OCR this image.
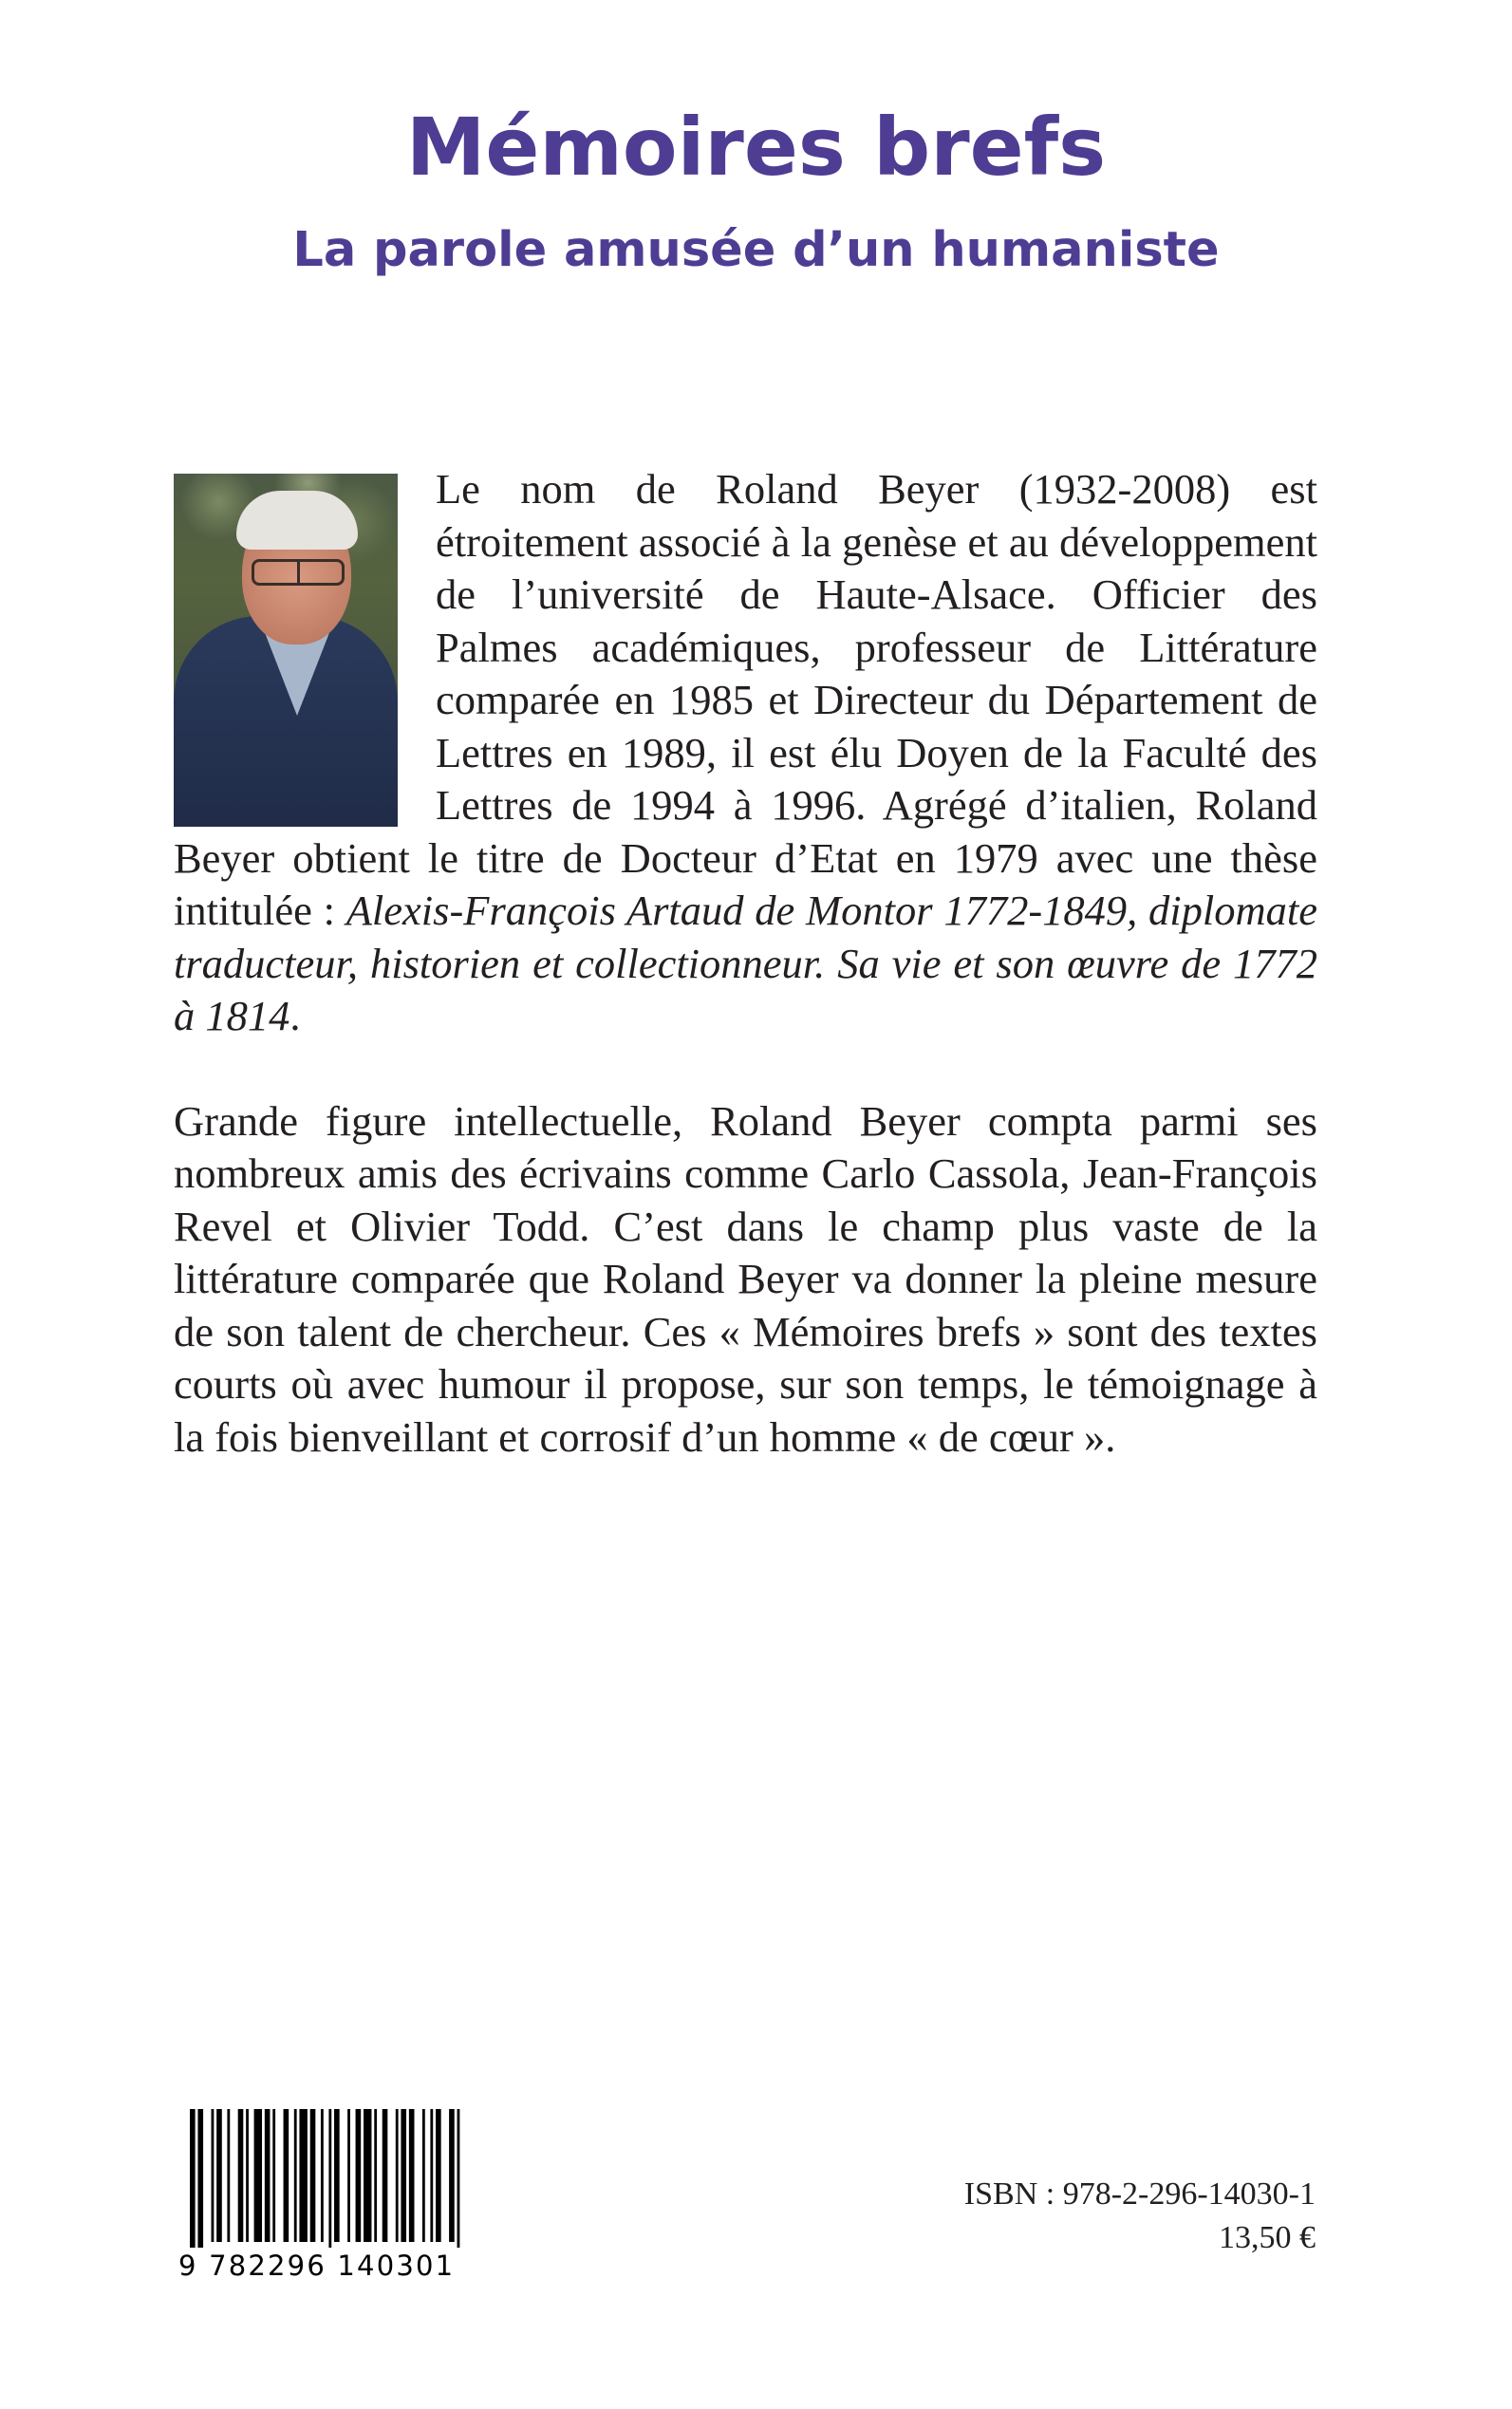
Mémoires brefs
La parole amusée d’un humaniste

Le nom de Roland Beyer (1932-2008) est étroitement associé à la genèse et au développement de l’université de Haute-Alsace. Officier des Palmes académiques, professeur de Littérature comparée en 1985 et Directeur du Département de Lettres en 1989, il est élu Doyen de la Faculté des Lettres de 1994 à 1996. Agrégé d’italien, Roland Beyer obtient le titre de Docteur d’Etat en 1979 avec une thèse intitulée : Alexis-François Artaud de Montor 1772-1849, diplomate traducteur, historien et collectionneur. Sa vie et son œuvre de 1772 à 1814.

Grande figure intellectuelle, Roland Beyer compta parmi ses nombreux amis des écrivains comme Carlo Cassola, Jean-François Revel et Olivier Todd. C’est dans le champ plus vaste de la littérature comparée que Roland Beyer va donner la pleine mesure de son talent de chercheur. Ces « Mémoires brefs » sont des textes courts où avec humour il propose, sur son temps, le témoignage à la fois bienveillant et corrosif d’un homme « de cœur ».

9 782296 140301

ISBN : 978-2-296-14030-1

13,50 €
